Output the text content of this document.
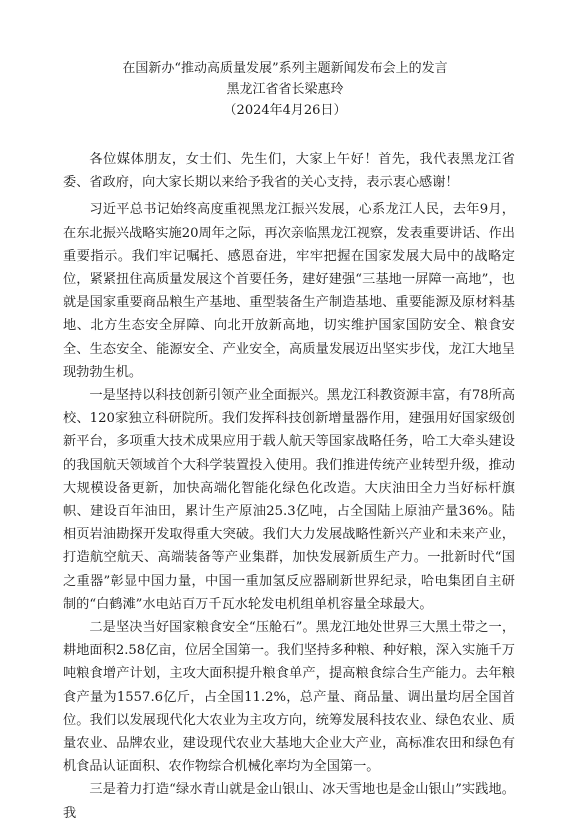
在国新办“推动高质量发展”系列主题新闻发布会上的发言
黑龙江省省长梁惠玲
（2024年4月26日）

各位媒体朋友，女士们、先生们，大家上午好！首先，我代表黑龙江省委、省政府，向大家长期以来给予我省的关心支持，表示衷心感谢！

习近平总书记始终高度重视黑龙江振兴发展，心系龙江人民，去年9月，在东北振兴战略实施20周年之际，再次亲临黑龙江视察，发表重要讲话、作出重要指示。我们牢记嘱托、感恩奋进，牢牢把握在国家发展大局中的战略定位，紧紧扭住高质量发展这个首要任务，建好建强“三基地一屏障一高地”，也就是国家重要商品粮生产基地、重型装备生产制造基地、重要能源及原材料基地、北方生态安全屏障、向北开放新高地，切实维护国家国防安全、粮食安全、生态安全、能源安全、产业安全，高质量发展迈出坚实步伐，龙江大地呈现勃勃生机。

一是坚持以科技创新引领产业全面振兴。黑龙江科教资源丰富，有78所高校、120家独立科研院所。我们发挥科技创新增量器作用，建强用好国家级创新平台，多项重大技术成果应用于载人航天等国家战略任务，哈工大牵头建设的我国航天领域首个大科学装置投入使用。我们推进传统产业转型升级，推动大规模设备更新，加快高端化智能化绿色化改造。大庆油田全力当好标杆旗帜、建设百年油田，累计生产原油25.3亿吨，占全国陆上原油产量36%。陆相页岩油勘探开发取得重大突破。我们大力发展战略性新兴产业和未来产业，打造航空航天、高端装备等产业集群，加快发展新质生产力。一批新时代“国之重器”彰显中国力量，中国一重加氢反应器刷新世界纪录，哈电集团自主研制的“白鹤滩”水电站百万千瓦水轮发电机组单机容量全球最大。

二是坚决当好国家粮食安全“压舱石”。黑龙江地处世界三大黑土带之一，耕地面积2.58亿亩，位居全国第一。我们坚持多种粮、种好粮，深入实施千万吨粮食增产计划，主攻大面积提升粮食单产，提高粮食综合生产能力。去年粮食产量为1557.6亿斤，占全国11.2%，总产量、商品量、调出量均居全国首位。我们以发展现代化大农业为主攻方向，统筹发展科技农业、绿色农业、质量农业、品牌农业，建设现代农业大基地大企业大产业，高标准农田和绿色有机食品认证面积、农作物综合机械化率均为全国第一。

三是着力打造“绿水青山就是金山银山、冰天雪地也是金山银山”实践地。我
